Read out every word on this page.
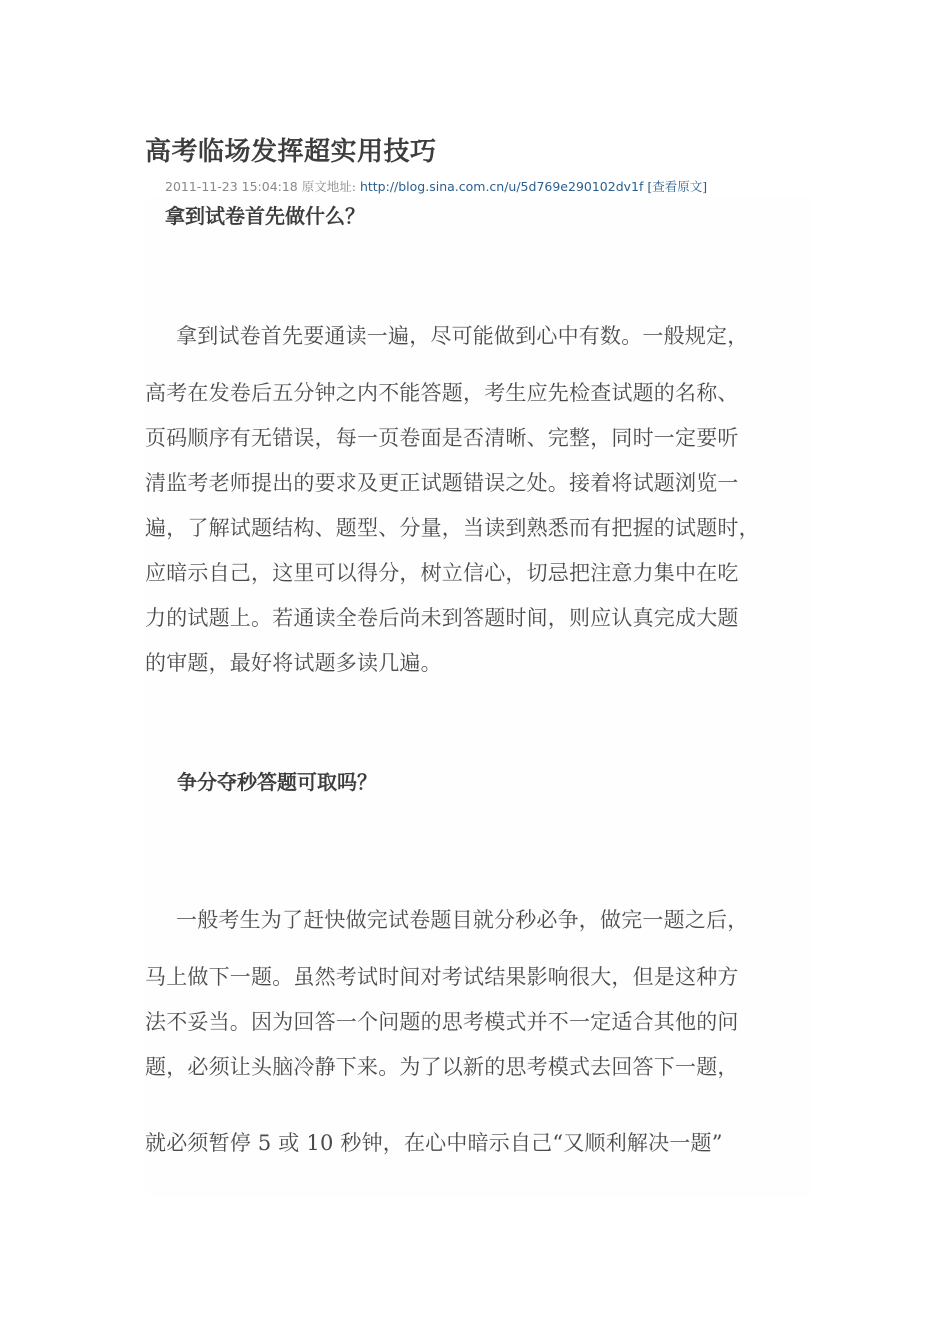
高考临场发挥超实用技巧
2011-11-23 15:04:18 原文地址: http://blog.sina.com.cn/u/5d769e290102dv1f [查看原文]
拿到试卷首先做什么？
拿到试卷首先要通读一遍，尽可能做到心中有数。一般规定，
高考在发卷后五分钟之内不能答题，考生应先检查试题的名称、
页码顺序有无错误，每一页卷面是否清晰、完整，同时一定要听
清监考老师提出的要求及更正试题错误之处。接着将试题浏览一
遍，了解试题结构、题型、分量，当读到熟悉而有把握的试题时，
应暗示自己，这里可以得分，树立信心，切忌把注意力集中在吃
力的试题上。若通读全卷后尚未到答题时间，则应认真完成大题
的审题，最好将试题多读几遍。
争分夺秒答题可取吗？
一般考生为了赶快做完试卷题目就分秒必争，做完一题之后，
马上做下一题。虽然考试时间对考试结果影响很大，但是这种方
法不妥当。因为回答一个问题的思考模式并不一定适合其他的问
题，必须让头脑冷静下来。为了以新的思考模式去回答下一题，
就必须暂停 5 或 10 秒钟，在心中暗示自己“又顺利解决一题”
